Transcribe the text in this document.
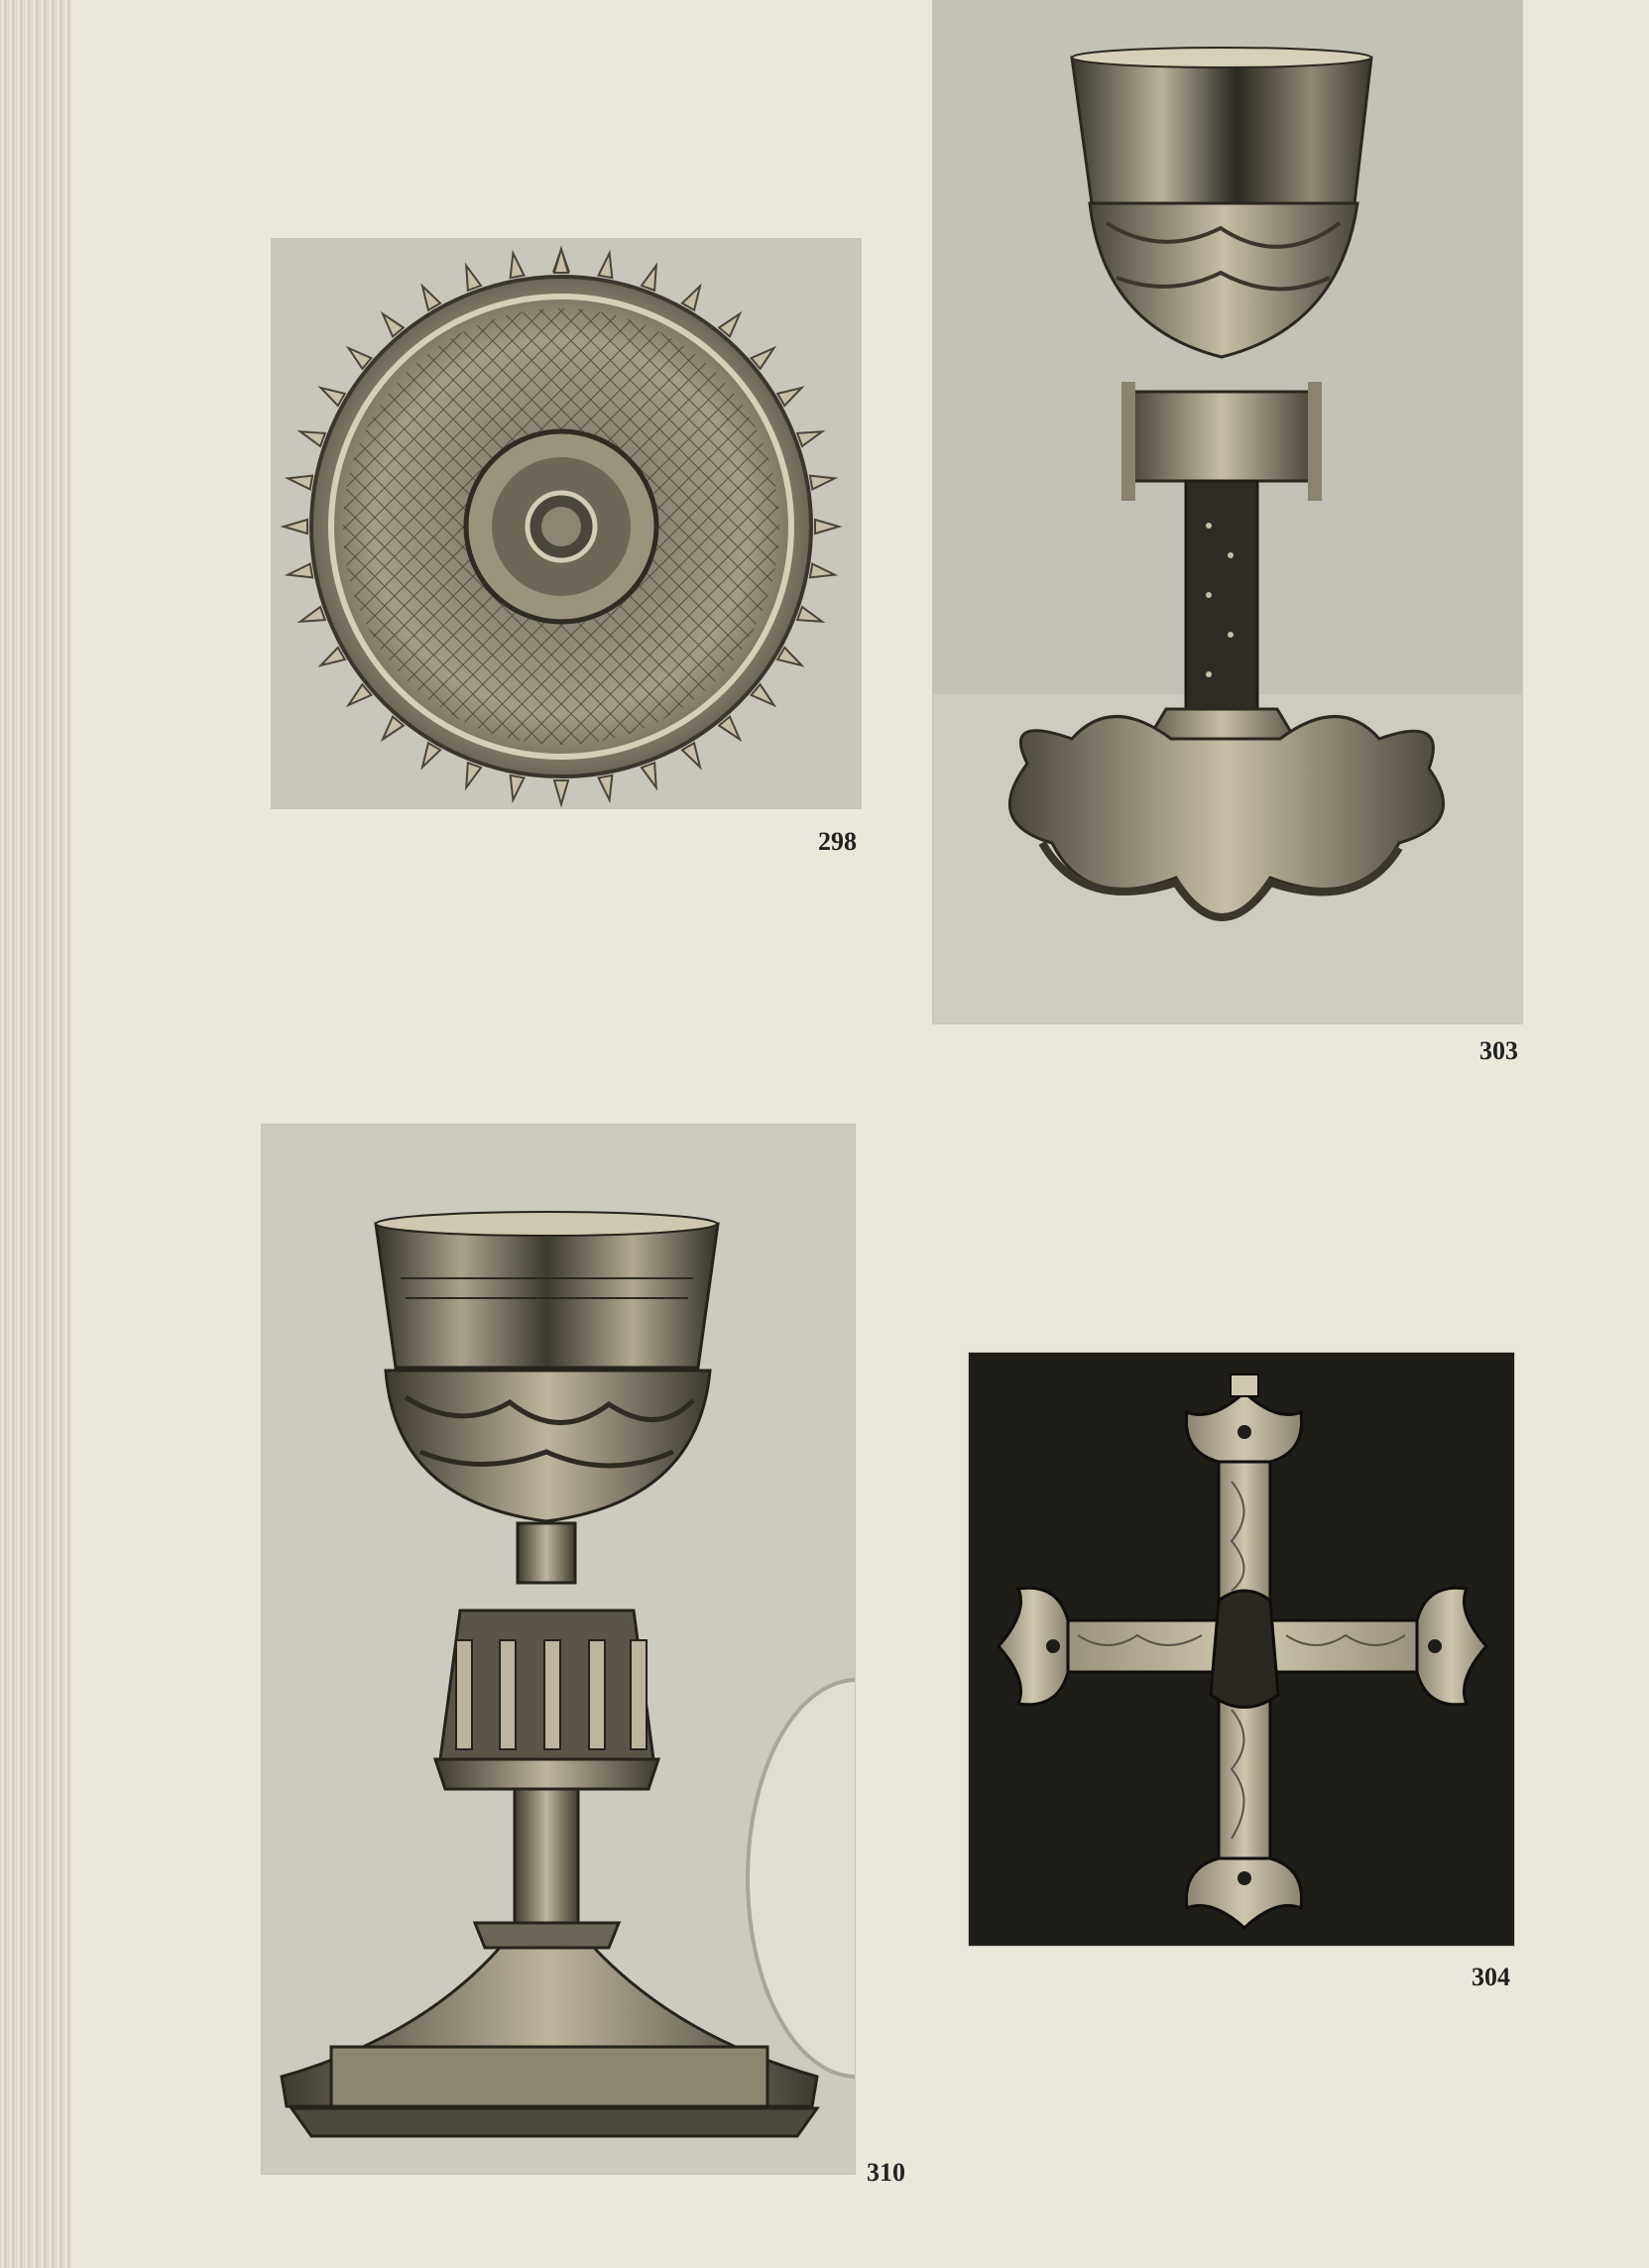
298
303
310
304
